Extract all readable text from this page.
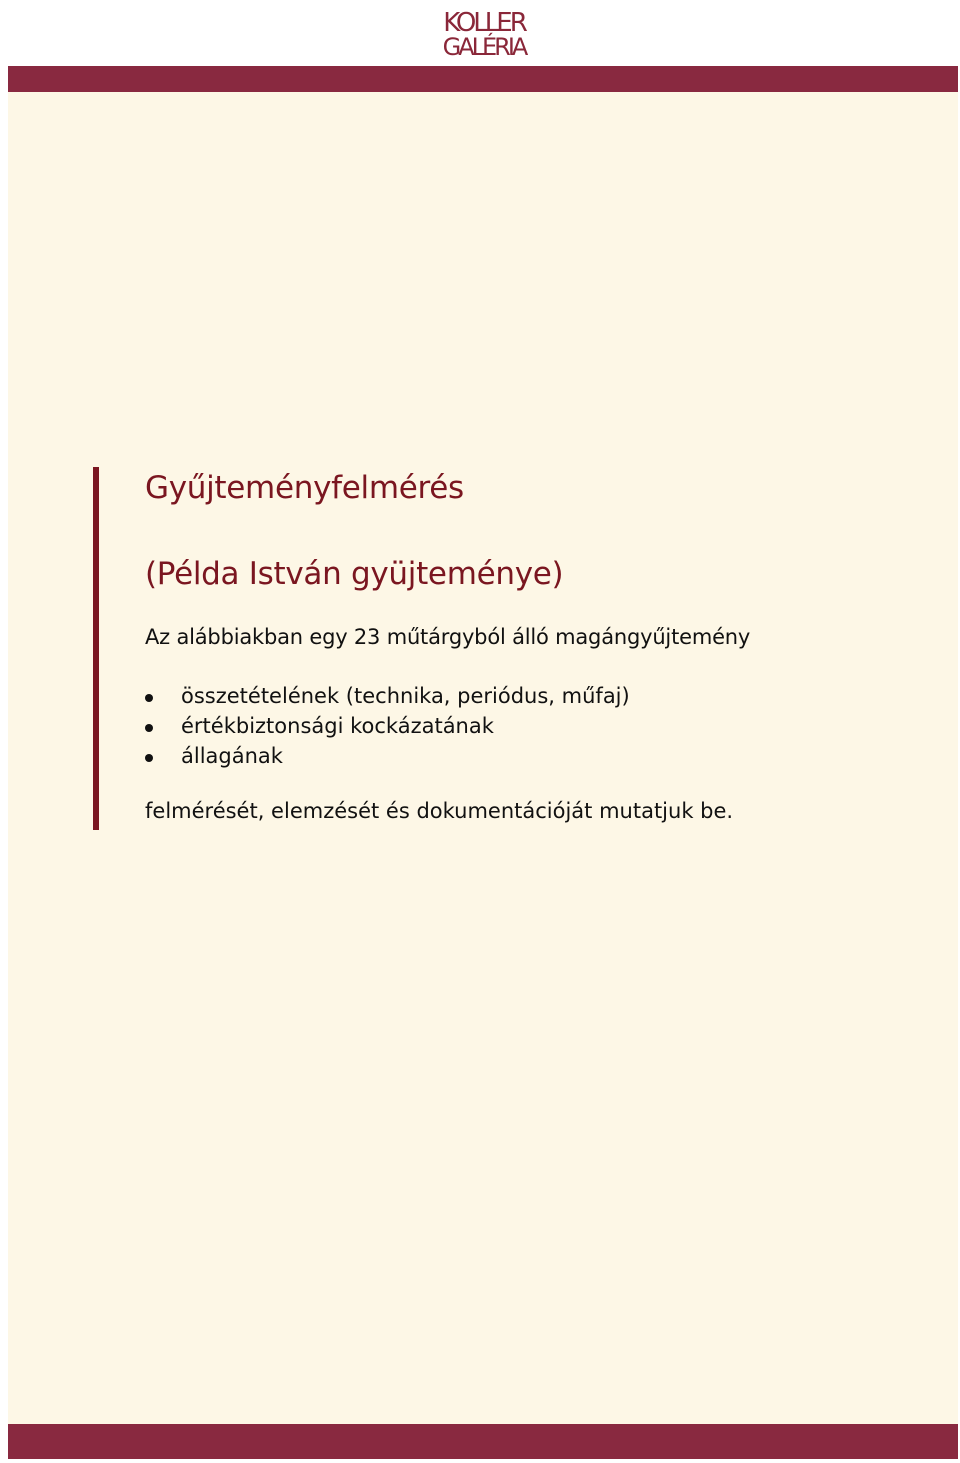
KOLLER
GALÉRIA
Gyűjteményfelmérés
(Példa István gyüjteménye)
Az alábbiakban egy 23 műtárgyból álló magángyűjtemény
összetételének (technika, periódus, műfaj)
értékbiztonsági kockázatának
állagának
felmérését, elemzését és dokumentációját mutatjuk be.
